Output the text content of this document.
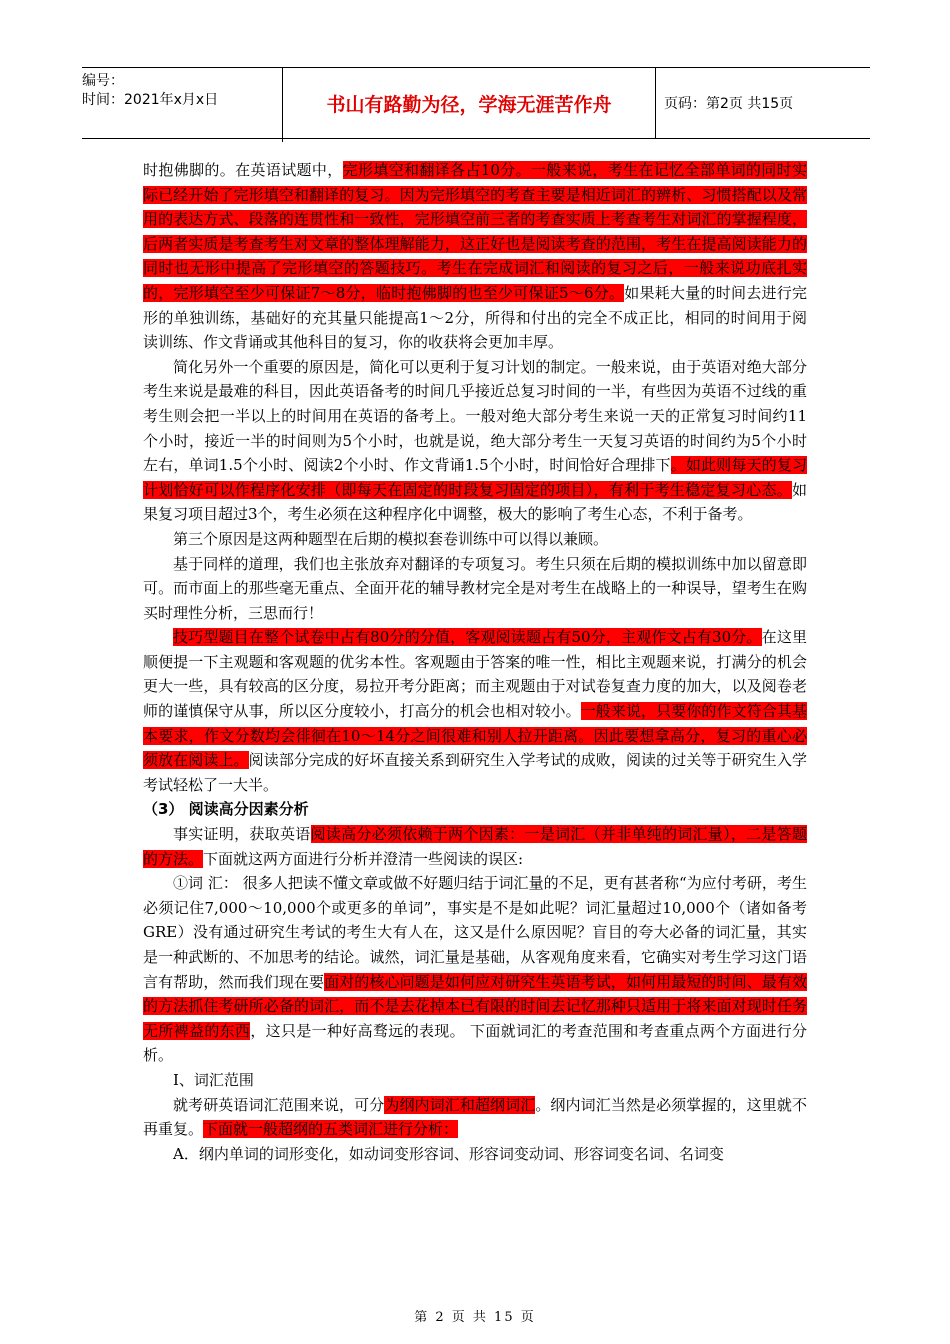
编号：
时间：2021年x月x日	书山有路勤为径，学海无涯苦作舟	页码：第2页 共15页

时抱佛脚的。在英语试题中，完形填空和翻译各占10分。一般来说，考生在记忆全部单词的同时实际已经开始了完形填空和翻译的复习。因为完形填空的考查主要是相近词汇的辨析、习惯搭配以及常用的表达方式、段落的连贯性和一致性，完形填空前三者的考查实质上考查考生对词汇的掌握程度，后两者实质是考查考生对文章的整体理解能力，这正好也是阅读考查的范围，考生在提高阅读能力的同时也无形中提高了完形填空的答题技巧。考生在完成词汇和阅读的复习之后，一般来说功底扎实的，完形填空至少可保证7～8分，临时抱佛脚的也至少可保证5～6分。如果耗大量的时间去进行完形的单独训练，基础好的充其量只能提高1～2分，所得和付出的完全不成正比，相同的时间用于阅读训练、作文背诵或其他科目的复习，你的收获将会更加丰厚。

简化另外一个重要的原因是，简化可以更利于复习计划的制定。一般来说，由于英语对绝大部分考生来说是最难的科目，因此英语备考的时间几乎接近总复习时间的一半，有些因为英语不过线的重考生则会把一半以上的时间用在英语的备考上。一般对绝大部分考生来说一天的正常复习时间约11个小时，接近一半的时间则为5个小时，也就是说，绝大部分考生一天复习英语的时间约为5个小时左右，单词1.5个小时、阅读2个小时、作文背诵1.5个小时，时间恰好合理排下。如此则每天的复习计划恰好可以作程序化安排（即每天在固定的时段复习固定的项目），有利于考生稳定复习心态。如果复习项目超过3个，考生必须在这种程序化中调整，极大的影响了考生心态，不利于备考。

第三个原因是这两种题型在后期的模拟套卷训练中可以得以兼顾。

基于同样的道理，我们也主张放弃对翻译的专项复习。考生只须在后期的模拟训练中加以留意即可。而市面上的那些毫无重点、全面开花的辅导教材完全是对考生在战略上的一种误导，望考生在购买时理性分析，三思而行！

技巧型题目在整个试卷中占有80分的分值，客观阅读题占有50分，主观作文占有30分。在这里顺便提一下主观题和客观题的优劣本性。客观题由于答案的唯一性，相比主观题来说，打满分的机会更大一些，具有较高的区分度，易拉开考分距离；而主观题由于对试卷复查力度的加大，以及阅卷老师的谨慎保守从事，所以区分度较小，打高分的机会也相对较小。一般来说，只要你的作文符合其基本要求，作文分数均会徘徊在10～14分之间很难和别人拉开距离。因此要想拿高分，复习的重心必须放在阅读上。阅读部分完成的好坏直接关系到研究生入学考试的成败，阅读的过关等于研究生入学考试轻松了一大半。

（3） 阅读高分因素分析

事实证明，获取英语阅读高分必须依赖于两个因素：一是词汇（并非单纯的词汇量），二是答题的方法。下面就这两方面进行分析并澄清一些阅读的误区:

①词 汇： 很多人把读不懂文章或做不好题归结于词汇量的不足，更有甚者称“为应付考研，考生必须记住7,000～10,000个或更多的单词”，事实是不是如此呢？词汇量超过10,000个（诸如备考GRE）没有通过研究生考试的考生大有人在，这又是什么原因呢？盲目的夸大必备的词汇量，其实是一种武断的、不加思考的结论。诚然，词汇量是基础，从客观角度来看，它确实对考生学习这门语言有帮助，然而我们现在要面对的核心问题是如何应对研究生英语考试，如何用最短的时间、最有效的方法抓住考研所必备的词汇，而不是去花掉本已有限的时间去记忆那种只适用于将来面对现时任务无所裨益的东西，这只是一种好高骛远的表现。 下面就词汇的考查范围和考查重点两个方面进行分析。

Ⅰ、词汇范围

就考研英语词汇范围来说，可分为纲内词汇和超纲词汇。纲内词汇当然是必须掌握的，这里就不再重复。下面就一般超纲的五类词汇进行分析：

A．纲内单词的词形变化，如动词变形容词、形容词变动词、形容词变名词、名词变

第 2 页 共 15 页
